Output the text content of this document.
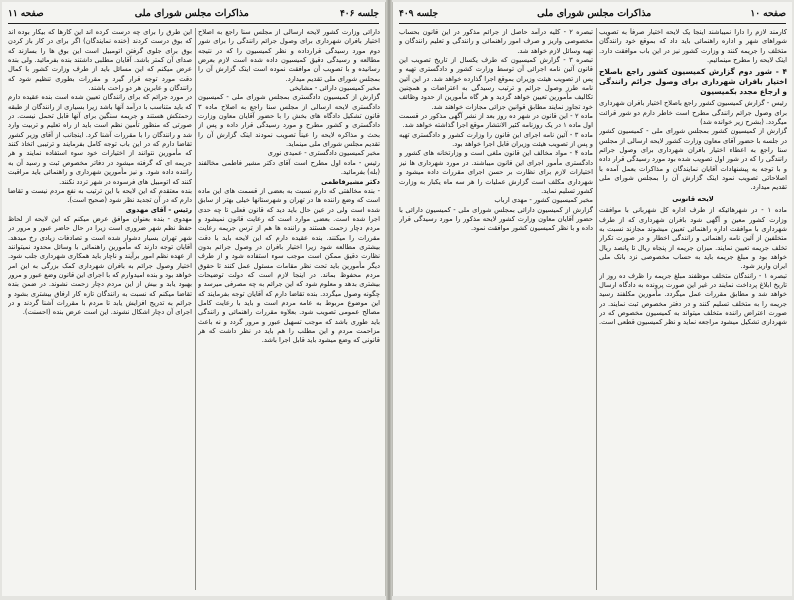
جلسه ۴۰۶
مذاکرات مجلس شورای ملی
صفحه ۱۱

دارائی وزارت کشور لایحه ارسالی از مجلس سنا راجع به اصلاح اختیار بافران شهرداری برای وصول جرائم رانندگی را برای شور دوم مورد رسیدگی قرارداده و نظر کمیسیون را که در نتیجه مطالعه و رسیدگی دقیق کمیسیون داده شده است لازم بعرض رسانیده و با تصویب آن موافقت نموده است اینک گزارش آن را بمجلس شورای ملی تقدیم میدارد.

مخبر کمیسیون دارائی - مشایخی

گزارش از کمیسیون دادگستری بمجلس شورای ملی - کمیسیون دادگستری لایحه ارسالی از مجلس سنا راجع به اصلاح ماده ۳ قانون تشکیل دادگاه های بخش را با حضور آقایان معاون وزارت دادگستری و کشور مطرح و مورد رسیدگی قرار داده و پس از بحث و مذاکره لایحه را عیناً تصویب نمودند اینک گزارش آن را تقدیم مجلس شورای ملی مینماید.

مخبر کمیسیون دادگستری - عمیدی نوری

رئیس - ماده اول مطرح است آقای دکتر مشیر فاطمی مخالفند (بله) بفرمائید.

دکتر مشیرفاطمی

- بنده مخالفتی که دارم نسبت به بعضی از قسمت های این ماده است که وضع راننده ها در تهران و شهرستانها خیلی بهتر از سابق شده است ولی در عین حال باید دید که قانون فعلی تا چه حدی اجرا شده است. بعضی موارد است که رعایت قانون نمیشود و مردم دچار زحمت هستند و راننده ها هم از ترس جریمه رعایت مقررات را میکنند. بنده عقیده دارم که این لایحه باید با دقت بیشتری مطالعه شود زیرا اختیار بافران در وصول جرائم بدون نظارت دقیق ممکن است موجب سوء استفاده شود و از طرف دیگر مأمورین باید تحت نظر مقامات مسئول عمل کنند تا حقوق مردم محفوظ بماند. در اینجا لازم است که دولت توضیحات بیشتری بدهد و معلوم شود که این جرائم به چه مصرفی میرسد و چگونه وصول میگردد. بنده تقاضا دارم که آقایان توجه بفرمایند که این موضوع مربوط به عامه مردم است و باید با رعایت کامل مصالح عمومی تصویب شود. بعلاوه مقررات راهنمائی و رانندگی باید طوری باشد که موجب تسهیل عبور و مرور گردد و نه باعث مزاحمت مردم و این مطلب را هم باید در نظر داشت که هر قانونی که وضع میشود باید قابل اجرا باشد.

این طرق را برای چه درست کرده اند این کارها که بیکار بوده اند که بوق درست کردند (خنده نمایندگان) اگر برای در کار باز کردن بوق برای جلوی گرفتن اتومبیل است این بوق ها را بسازند که صدای آن کمتر باشد. آقایان مطلبی داشتند بنده بفرمائید. ولی بنده عرض میکنم که این مسائل باید از طرف وزارت کشور با کمال دقت مورد توجه قرار گیرد و مقررات بطوری تنظیم شود که رانندگان و عابرین هر دو راحت باشند.

در مورد جرائم که برای رانندگان تعیین شده است بنده عقیده دارم که باید متناسب با درآمد آنها باشد زیرا بسیاری از رانندگان از طبقه زحمتکش هستند و جریمه سنگین برای آنها قابل تحمل نیست. در صورتی که منظور تأمین نظم است باید از راه تعلیم و تربیت وارد شد و رانندگان را با مقررات آشنا کرد. اینجانب از آقای وزیر کشور تقاضا دارم که در این باب توجه کامل بفرمایند و ترتیبی اتخاذ کنند که مأمورین نتوانند از اختیارات خود سوء استفاده نمایند و هر جریمه ای که گرفته میشود در دفاتر مخصوص ثبت و رسید آن به راننده داده شود. و نیز مأمورین شهرداری و راهنمائی باید مراقبت کنند که اتومبیل های فرسوده در شهر تردد نکنند.

بنده معتقدم که این لایحه با این ترتیب به نفع مردم نیست و تقاضا دارم که در آن تجدید نظر شود (صحیح است).

رئیس - آقای مهدوی

مهدوی - بنده بعنوان موافق عرض میکنم که این لایحه از لحاظ حفظ نظم شهر ضروری است زیرا در حال حاضر عبور و مرور در شهر تهران بسیار دشوار شده است و تصادفات زیادی رخ میدهد. آقایان توجه دارند که مأمورین راهنمائی با وسائل محدود نمیتوانند از عهده نظم امور برآیند و ناچار باید همکاری شهرداری جلب شود. اختیار وصول جرائم به بافران شهرداری کمک بزرگی به این امر خواهد بود و بنده امیدوارم که با اجرای این قانون وضع عبور و مرور بهبود یابد و بیش از این مردم دچار زحمت نشوند. در ضمن بنده تقاضا میکنم که نسبت به رانندگان تازه کار ارفاق بیشتری بشود و جرائم به تدریج افزایش یابد تا مردم با مقررات آشنا گردند و در اجرای آن دچار اشکال نشوند. این است عرض بنده (احسنت).

صفحه ۱۰
مذاکرات مجلس شورای ملی
جلسه ۴۰۹

کارمند لازم را دارا نمیباشند اینجا یک لایحه اختیار صرفاً به تصویب شوراهای شهر و اداره راهنمائی باید داد که بموقع خود رانندگان متخلف را جریمه کنند و وزارت کشور نیز در این باب موافقت دارد. اینک لایحه را مطرح مینمائیم.

۴ - شور دوم گزارش کمیسیون کشور راجع باصلاح اختیار بافران شهرداری برای وصول جرائم رانندگی و ارجاع مجدد بکمیسیون

رئیس - گزارش کمیسیون کشور راجع باصلاح اختیار بافران شهرداری برای وصول جرائم رانندگی مطرح است خاطر دارم دو شور قرائت میگردد. (بشرح زیر خوانده شد)

گزارش از کمیسیون کشور بمجلس شورای ملی - کمیسیون کشور در جلسه با حضور آقای معاون وزارت کشور لایحه ارسالی از مجلس سنا راجع به اعطاء اختیار بافران شهرداری برای وصول جرائم رانندگی را که در شور اول تصویب شده بود مورد رسیدگی قرار داده و با توجه به پیشنهادات آقایان نمایندگان و مذاکرات بعمل آمده با اصلاحاتی تصویب نمود اینک گزارش آن را بمجلس شورای ملی تقدیم میدارد.

لایحه قانونی

ماده ۱ - در شهرهائیکه از طرف اداره کل شهربانی با موافقت وزارت کشور معین و آگهی شود بافران شهرداری که از طرف شهرداری با موافقت اداره راهنمائی تعیین میشوند مجازند نسبت به متخلفین از آئین نامه راهنمائی و رانندگی اخطار و در صورت تکرار تخلف جریمه تعیین نمایند. میزان جریمه از پنجاه ریال تا پانصد ریال خواهد بود و مبلغ جریمه باید به حساب مخصوصی نزد بانک ملی ایران واریز شود.

تبصره ۱ - رانندگان متخلف موظفند مبلغ جریمه را ظرف ده روز از تاریخ ابلاغ پرداخت نمایند در غیر این صورت پرونده به دادگاه ارسال خواهد شد و مطابق مقررات عمل میگردد. مأمورین مکلفند رسید جریمه را به متخلف تسلیم کنند و در دفتر مخصوص ثبت نمایند. در صورت اعتراض راننده متخلف میتواند به کمیسیون مخصوص که در شهرداری تشکیل میشود مراجعه نماید و نظر کمیسیون قطعی است.

تبصره ۲ - کلیه درآمد حاصل از جرائم مذکور در این قانون بحساب مخصوصی واریز و صرف امور راهنمائی و رانندگی و تعلیم رانندگان و تهیه وسائل لازم خواهد شد.

تبصره ۳ - گزارش کمیسیون که طرف یکسال از تاریخ تصویب این قانون آئین نامه اجرائی آن توسط وزارت کشور و دادگستری تهیه و پس از تصویب هیئت وزیران بموقع اجرا گذارده خواهد شد. در این آئین نامه طرز وصول جرائم و ترتیب رسیدگی به اعتراضات و همچنین تکالیف مأمورین تعیین خواهد گردید و هر گاه مأمورین از حدود وظائف خود تجاوز نمایند مطابق قوانین جزائی مجازات خواهند شد.

ماده ۲ - این قانون در شهر ده روز بعد از نشر آگهی مذکور در قسمت اول ماده ۱ در یک روزنامه کثیر الانتشار موقع اجرا گذاشته خواهد شد.

ماده ۳ - آئین نامه اجرای این قانون را وزارت کشور و دادگستری تهیه و پس از تصویب هیئت وزیران قابل اجرا خواهد بود.

ماده ۴ - مواد مخالف این قانون ملغی است و وزارتخانه های کشور و دادگستری مأمور اجرای این قانون میباشند. در مورد شهرداری ها نیز اختیارات لازم برای نظارت بر حسن اجرای مقررات داده میشود و شهرداری مکلف است گزارش عملیات را هر سه ماه یکبار به وزارت کشور تسلیم نماید.

مخبر کمیسیون کشور - مهدی ارباب

گزارش از کمیسیون دارائی بمجلس شورای ملی - کمیسیون دارائی با حضور آقایان معاون وزارت کشور لایحه مذکور را مورد رسیدگی قرار داده و با نظر کمیسیون کشور موافقت نمود.
